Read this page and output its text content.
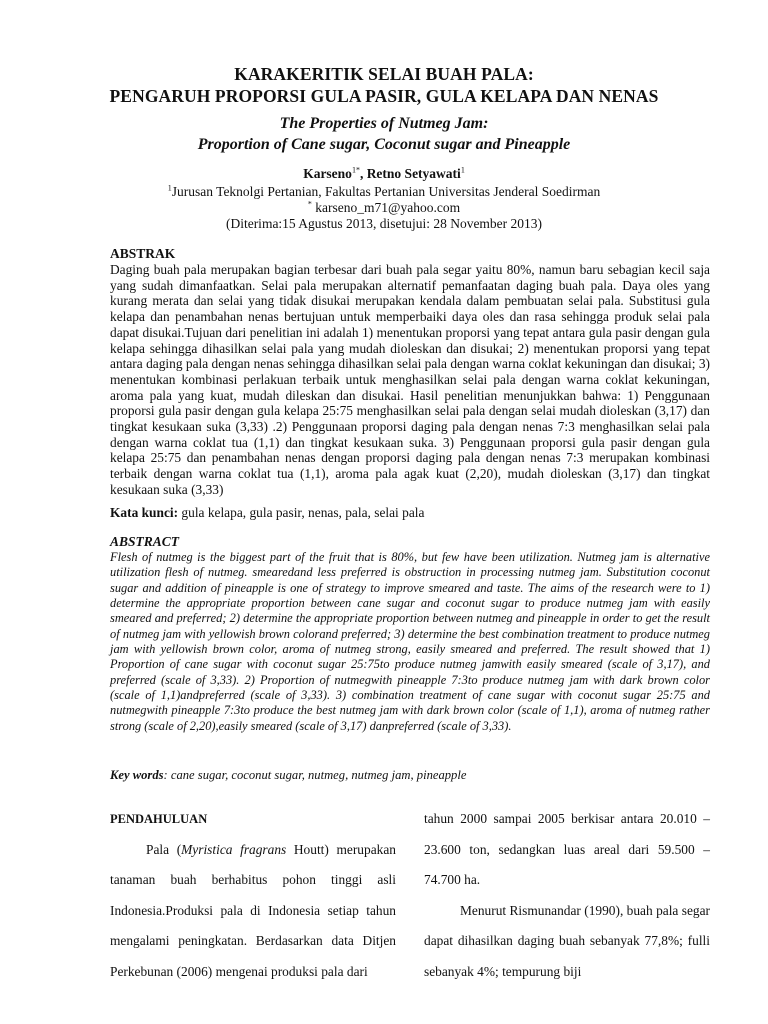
KARAKERITIK SELAI BUAH PALA:
PENGARUH PROPORSI GULA PASIR, GULA KELAPA DAN NENAS
The Properties of Nutmeg Jam:
Proportion of Cane sugar, Coconut sugar and Pineapple
Karseno$^{1*}$, Retno Setyawati$^1$
$^1$Jurusan Teknolgi Pertanian, Fakultas Pertanian Universitas Jenderal Soedirman
* karseno_m71@yahoo.com
(Diterima:15 Agustus 2013, disetujui: 28 November 2013)
ABSTRAK
Daging buah pala merupakan bagian terbesar dari buah pala segar yaitu 80%, namun baru sebagian kecil saja yang sudah dimanfaatkan. Selai pala merupakan alternatif pemanfaatan daging buah pala. Daya oles yang kurang merata dan selai yang tidak disukai merupakan kendala dalam pembuatan selai pala. Substitusi gula kelapa dan penambahan nenas bertujuan untuk memperbaiki daya oles dan rasa sehingga produk selai pala dapat disukai.Tujuan dari penelitian ini adalah 1) menentukan proporsi yang tepat antara gula pasir dengan gula kelapa sehingga dihasilkan selai pala yang mudah dioleskan dan disukai; 2) menentukan proporsi yang tepat antara daging pala dengan nenas sehingga dihasilkan selai pala dengan warna coklat kekuningan dan disukai; 3) menentukan kombinasi perlakuan terbaik untuk menghasilkan selai pala dengan warna coklat kekuningan, aroma pala yang kuat, mudah dileskan dan disukai. Hasil penelitian menunjukkan bahwa: 1) Penggunaan proporsi gula pasir dengan gula kelapa 25:75 menghasilkan selai pala dengan selai mudah dioleskan (3,17) dan tingkat kesukaan suka (3,33) .2) Penggunaan proporsi daging pala dengan nenas 7:3 menghasilkan selai pala dengan warna coklat tua (1,1) dan tingkat kesukaan suka. 3) Penggunaan proporsi gula pasir dengan gula kelapa 25:75 dan penambahan nenas dengan proporsi daging pala dengan nenas 7:3 merupakan kombinasi terbaik dengan warna coklat tua (1,1), aroma pala agak kuat (2,20), mudah dioleskan (3,17) dan tingkat kesukaan suka (3,33)
Kata kunci: gula kelapa, gula pasir, nenas, pala, selai pala
ABSTRACT
Flesh of nutmeg is the biggest part of the fruit that is 80%, but few have been utilization. Nutmeg jam is alternative utilization flesh of nutmeg. smearedand less preferred is obstruction in processing nutmeg jam. Substitution coconut sugar and addition of pineapple is one of strategy to improve smeared and taste. The aims of the research were to 1) determine the appropriate proportion between cane sugar and coconut sugar to produce nutmeg jam with easily smeared and preferred; 2) determine the appropriate proportion between nutmeg and pineapple in order to get the result of nutmeg jam with yellowish brown colorand preferred; 3) determine the best combination treatment to produce nutmeg jam with yellowish brown color, aroma of nutmeg strong, easily smeared and preferred. The result showed that 1) Proportion of cane sugar with coconut sugar 25:75to produce nutmeg jamwith easily smeared (scale of 3,17), and preferred (scale of 3,33). 2) Proportion of nutmegwith pineapple 7:3to produce nutmeg jam with dark brown color (scale of 1,1)andpreferred (scale of 3,33). 3) combination treatment of cane sugar with coconut sugar 25:75 and nutmegwith pineapple 7:3to produce the best nutmeg jam with dark brown color (scale of 1,1), aroma of nutmeg rather strong (scale of 2,20),easily smeared (scale of 3,17) danpreferred (scale of 3,33).
Key words: cane sugar, coconut sugar, nutmeg, nutmeg jam, pineapple
PENDAHULUAN
Pala (Myristica fragrans Houtt) merupakan tanaman buah berhabitus pohon tinggi asli Indonesia.Produksi pala di Indonesia setiap tahun mengalami peningkatan. Berdasarkan data Ditjen Perkebunan (2006) mengenai produksi pala dari
tahun 2000 sampai 2005 berkisar antara 20.010 – 23.600 ton, sedangkan luas areal dari 59.500 – 74.700 ha.
Menurut Rismunandar (1990), buah pala segar dapat dihasilkan daging buah sebanyak 77,8%; fulli sebanyak 4%; tempurung biji
